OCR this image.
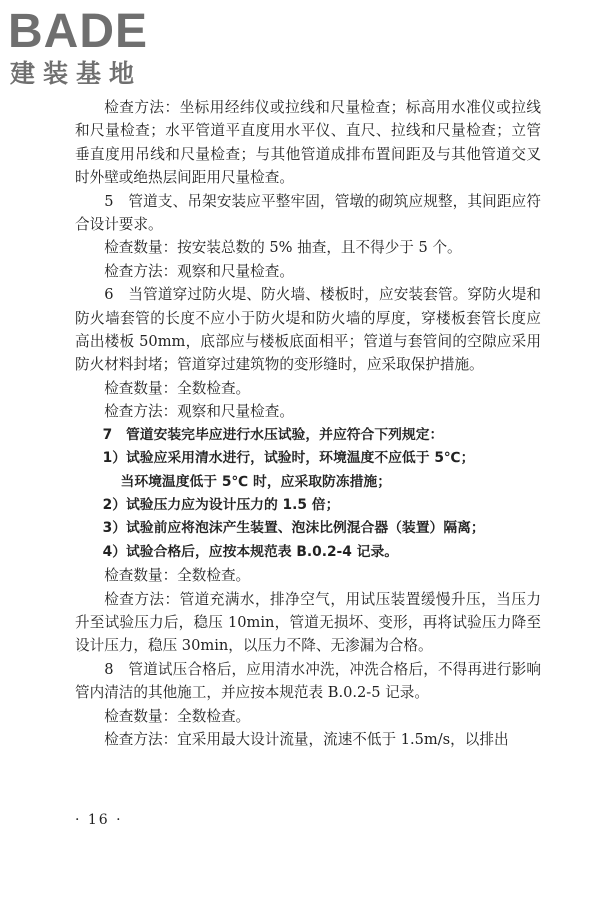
BADE
建装基地

检查方法：坐标用经纬仪或拉线和尺量检查；标高用水准仪或拉线和尺量检查；水平管道平直度用水平仪、直尺、拉线和尺量检查；立管垂直度用吊线和尺量检查；与其他管道成排布置间距及与其他管道交叉时外壁或绝热层间距用尺量检查。

5　管道支、吊架安装应平整牢固，管墩的砌筑应规整，其间距应符合设计要求。

检查数量：按安装总数的 5% 抽查，且不得少于 5 个。

检查方法：观察和尺量检查。

6　当管道穿过防火堤、防火墙、楼板时，应安装套管。穿防火堤和防火墙套管的长度不应小于防火堤和防火墙的厚度，穿楼板套管长度应高出楼板 50mm，底部应与楼板底面相平；管道与套管间的空隙应采用防火材料封堵；管道穿过建筑物的变形缝时，应采取保护措施。

检查数量：全数检查。

检查方法：观察和尺量检查。

7　管道安装完毕应进行水压试验，并应符合下列规定：

1）试验应采用清水进行，试验时，环境温度不应低于 5℃；

当环境温度低于 5℃ 时，应采取防冻措施；

2）试验压力应为设计压力的 1.5 倍；

3）试验前应将泡沫产生装置、泡沫比例混合器（装置）隔离；

4）试验合格后，应按本规范表 B.0.2-4 记录。

检查数量：全数检查。

检查方法：管道充满水，排净空气，用试压装置缓慢升压，当压力升至试验压力后，稳压 10min，管道无损坏、变形，再将试验压力降至设计压力，稳压 30min，以压力不降、无渗漏为合格。

8　管道试压合格后，应用清水冲洗，冲洗合格后，不得再进行影响管内清洁的其他施工，并应按本规范表 B.0.2-5 记录。

检查数量：全数检查。

检查方法：宜采用最大设计流量，流速不低于 1.5m/s，以排出

· 16 ·
